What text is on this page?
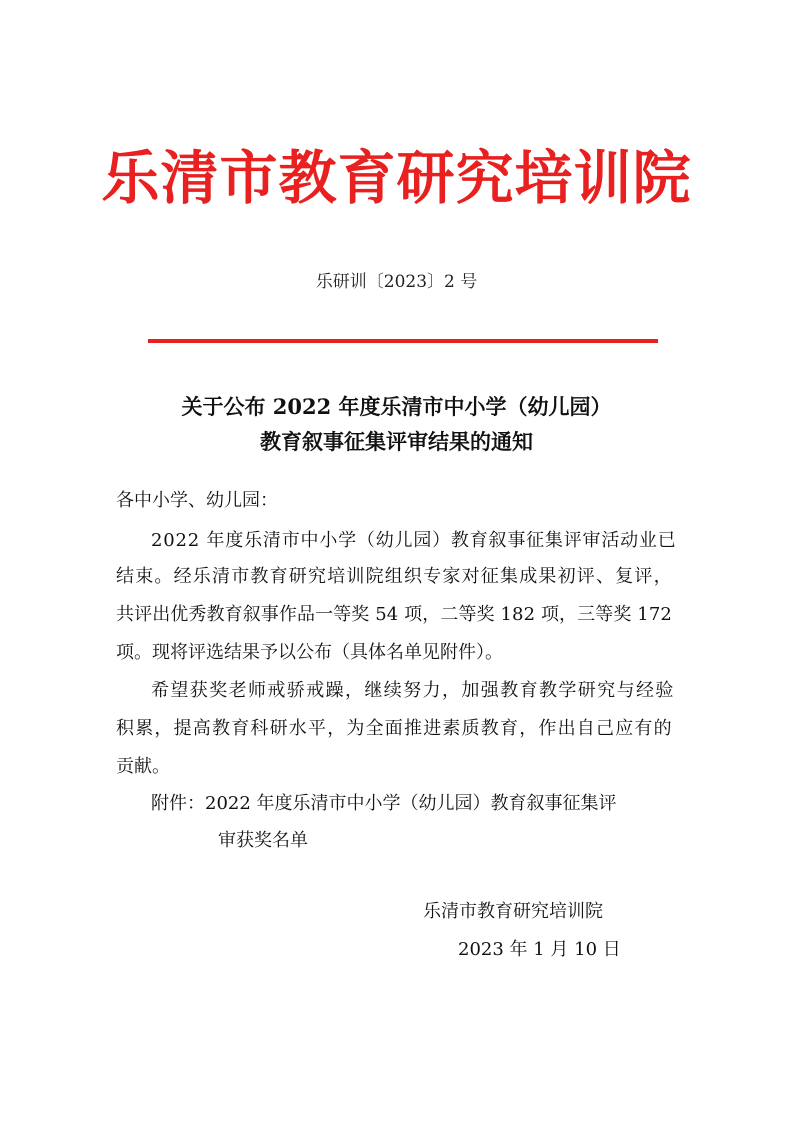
乐清市教育研究培训院
乐研训〔2023〕2 号
关于公布 2022 年度乐清市中小学（幼儿园）
教育叙事征集评审结果的通知
各中小学、幼儿园：
2022 年度乐清市中小学（幼儿园）教育叙事征集评审活动业已
结束。经乐清市教育研究培训院组织专家对征集成果初评、复评，
共评出优秀教育叙事作品一等奖 54 项，二等奖 182 项，三等奖 172
项。现将评选结果予以公布（具体名单见附件）。
希望获奖老师戒骄戒躁，继续努力，加强教育教学研究与经验
积累，提高教育科研水平，为全面推进素质教育，作出自己应有的
贡献。
附件：2022 年度乐清市中小学（幼儿园）教育叙事征集评
审获奖名单
乐清市教育研究培训院
2023 年 1 月 10 日
